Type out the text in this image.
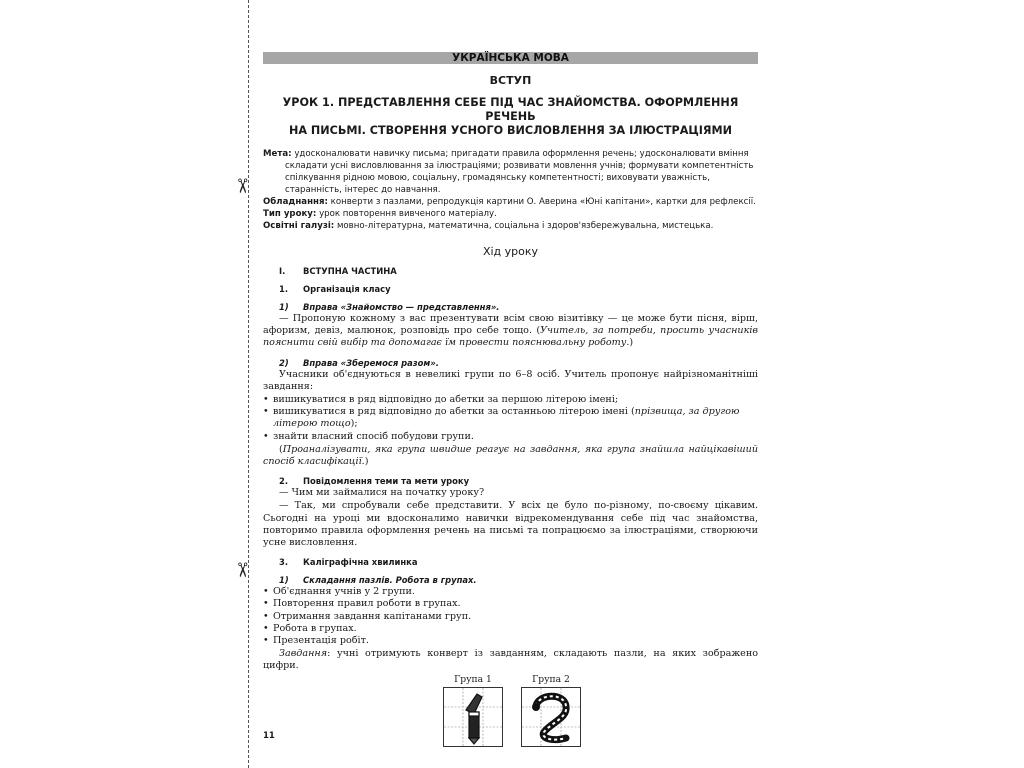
✂
✂
УКРАЇНСЬКА МОВА
ВСТУП
УРОК 1. ПРЕДСТАВЛЕННЯ СЕБЕ ПІД ЧАС ЗНАЙОМСТВА. ОФОРМЛЕННЯ РЕЧЕНЬ
НА ПИСЬМІ. СТВОРЕННЯ УСНОГО ВИСЛОВЛЕННЯ ЗА ІЛЮСТРАЦІЯМИ

Мета: удосконалювати навичку письма; пригадати правила оформлення речень; удосконалювати вміння складати усні висловлювання за ілюстраціями; розвивати мовлення учнів; формувати компетентність спілкування рідною мовою, соціальну, громадянську компетентності; виховувати уважність, старанність, інтерес до навчання.

Обладнання: конверти з пазлами, репродукція картини О. Аверина «Юні капітани», картки для рефлексії.

Тип уроку: урок повторення вивченого матеріалу.

Освітні галузі: мовно-літературна, математична, соціальна і здоров'язбережувальна, мистецька.

Хід уроку
I. ВСТУПНА ЧАСТИНА
1. Організація класу
1) Вправа «Знайомство — представлення».

— Пропоную кожному з вас презентувати всім свою візитівку — це може бути пісня, вірш, афоризм, девіз, малюнок, розповідь про себе тощо. (Учитель, за потреби, просить учасників пояснити свій вибір та допомагає їм провести пояснювальну роботу.)

2) Вправа «Зберемося разом».

Учасники об'єднуються в невеликі групи по 6–8 осіб. Учитель пропонує найрізноманітніші завдання:

• вишикуватися в ряд відповідно до абетки за першою літерою імені;
• вишикуватися в ряд відповідно до абетки за останньою літерою імені (прізвища, за другою літерою тощо);
• знайти власний спосіб побудови групи.

(Проаналізувати, яка група швидше реагує на завдання, яка група знайшла найцікавіший спосіб класифікації.)

2. Повідомлення теми та мети уроку

— Чим ми займалися на початку уроку?

— Так, ми спробували себе представити. У всіх це було по-різному, по-своєму цікавим. Сьогодні на уроці ми вдосконалимо навички відрекомендування себе під час знайомства, повторимо правила оформлення речень на письмі та попрацюємо за ілюстраціями, створюючи усне висловлення.

3. Каліграфічна хвилинка
1) Складання пазлів. Робота в групах.
• Об'єднання учнів у 2 групи.
• Повторення правил роботи в групах.
• Отримання завдання капітанами груп.
• Робота в групах.
• Презентація робіт.

Завдання: учні отримують конверт із завданням, складають пазли, на яких зображено цифри.

Група 1	Група 2
11
